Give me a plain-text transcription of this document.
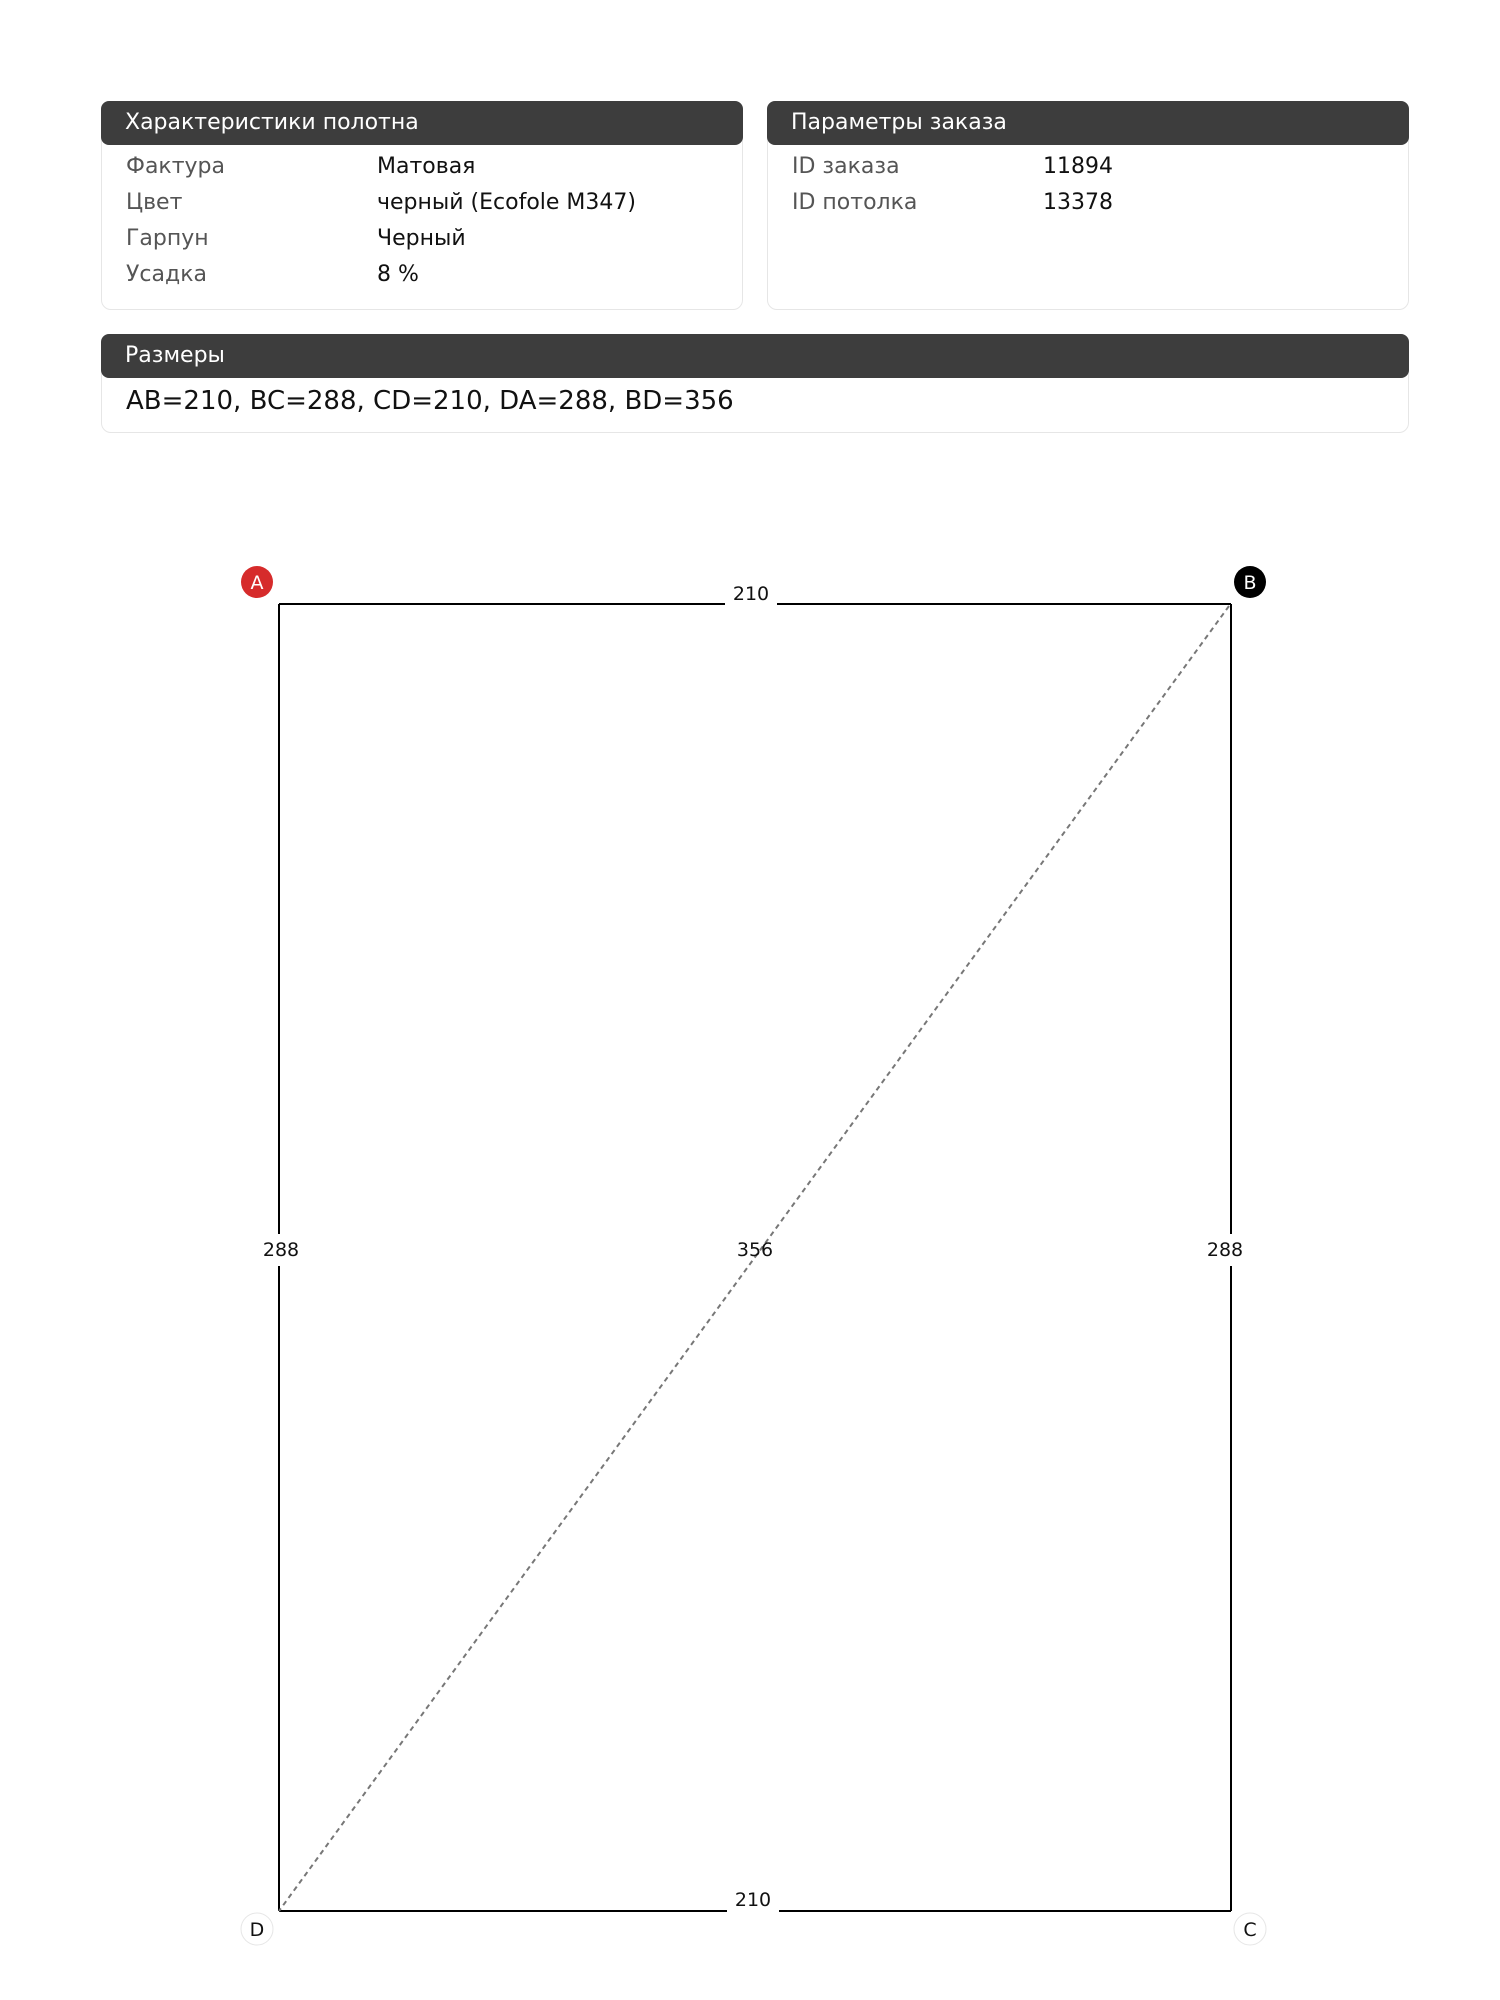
Характеристики полотна
Фактура	Матовая
Цвет	черный (Ecofole M347)
Гарпун	Черный
Усадка	8 %
Параметры заказа
ID заказа	11894
ID потолка	13378
Размеры
AB=210, BC=288, CD=210, DA=288, BD=356
210
288	356	288
210
A	B
C
D
